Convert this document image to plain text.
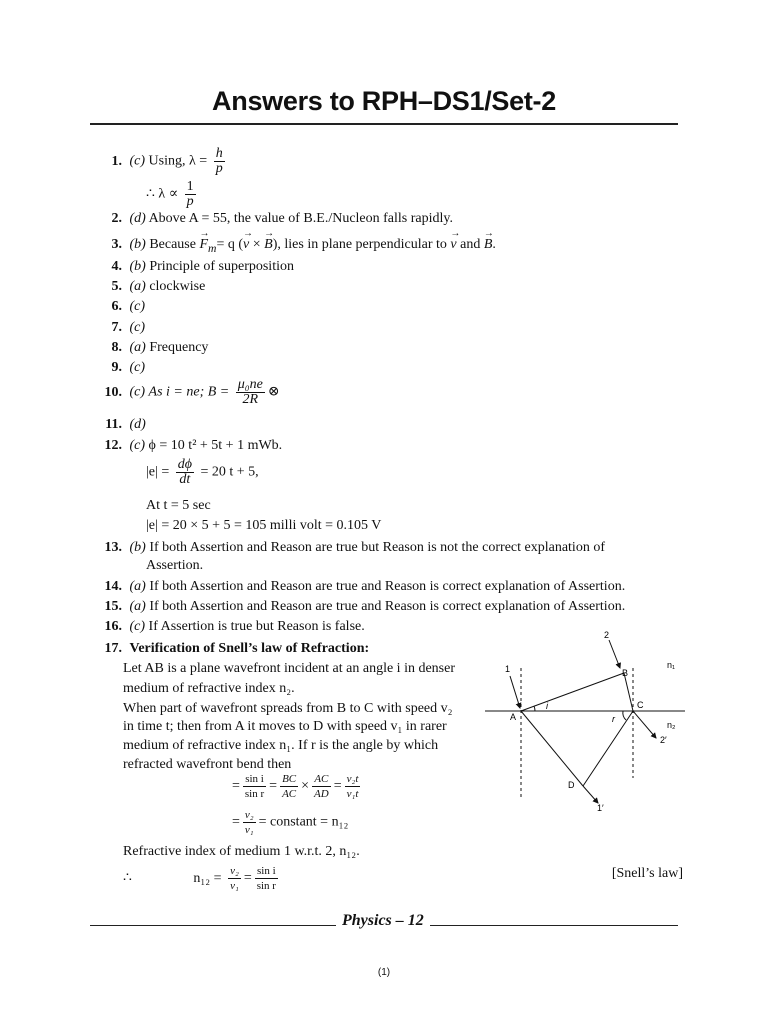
Answers to RPH–DS1/Set-2
1. (c) Using, $\lambda = \frac{h}{p}$
∴ $\lambda \propto \frac{1}{p}$
2. (d) Above A = 55, the value of B.E./Nucleon falls rapidly.
3. (b) Because → $F_m= q$ (→ v × → B), lies in plane perpendicular to → v and → B.
4. (b) Principle of superposition
5. (a) clockwise
6. (c)
7. (c)
8. (a) Frequency
9. (c)
10. (c) As i = ne; $B = \frac{\text{μ₀ne}}{2R}$ ⊗
11. (d)
12. (c) ϕ = 10 t² + 5t + 1 mWb.
$|e| = \frac{d\phi}{dt} = 20$ t + 5,
At t = 5 sec
|e| = 20 × 5 + 5 = 105 milli volt = 0.105 V
13. (b) If both Assertion and Reason are true but Reason is not the correct explanation of
Assertion.
14. (a) If both Assertion and Reason are true and Reason is correct explanation of Assertion.
15. (a) If both Assertion and Reason are true and Reason is correct explanation of Assertion.
16. (c) If Assertion is true but Reason is false.
17. Verification of Snell’s law of Refraction:
Let AB is a plane wavefront incident at an angle i in denser
medium of refractive index n₂.
When part of wavefront spreads from B to C with speed v₂
in time t; then from A it moves to D with speed v₁ in rarer
medium of refractive index n₁. If r is the angle by which
refracted wavefront bend then
= $\frac{\text{sin i}}{\text{sin r}} = \frac{BC}{AC} \times \frac{AC}{AD} = \frac{\text{v₂t}}{\text{v₁t}}$
= $\frac{\text{v₂}}{\text{v₁}}$ = constant = n₁₂
Refractive index of medium 1 w.r.t. 2, n₁₂.
∴	$n_{12} = \frac{\text{v₂}}{\text{v₁}} = \frac{\text{sin i}}{\text{sin r}}$	[Snell’s law]
A
B
C
D
1
2
1′
2′
i
r
n₁
n₂
Physics – 12
(1)
